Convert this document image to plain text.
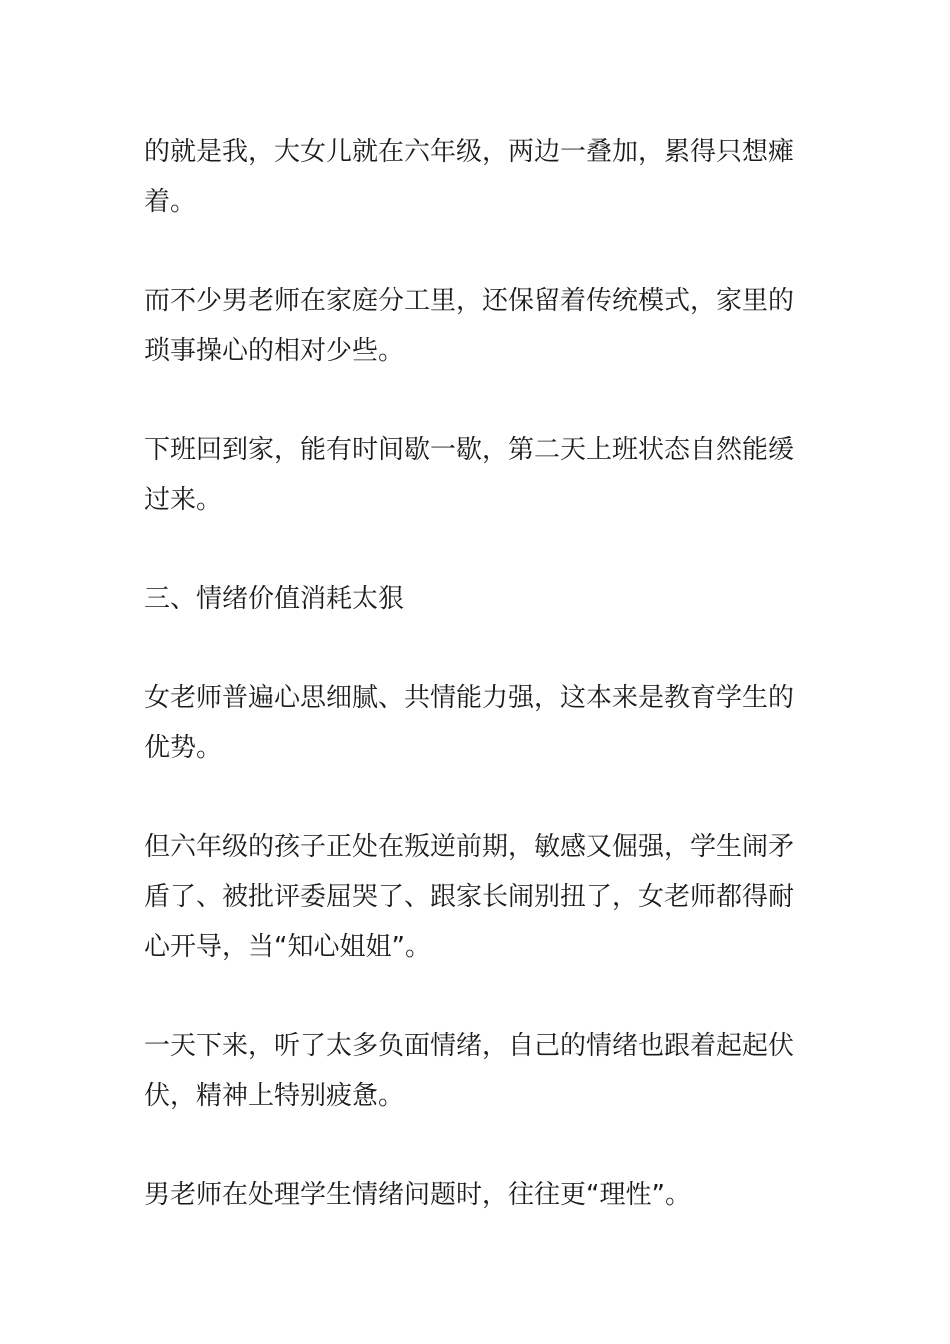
的就是我，大女儿就在六年级，两边一叠加，累得只想瘫着。

而不少男老师在家庭分工里，还保留着传统模式，家里的琐事操心的相对少些。

下班回到家，能有时间歇一歇，第二天上班状态自然能缓过来。

三、情绪价值消耗太狠

女老师普遍心思细腻、共情能力强，这本来是教育学生的优势。

但六年级的孩子正处在叛逆前期，敏感又倔强，学生闹矛盾了、被批评委屈哭了、跟家长闹别扭了，女老师都得耐心开导，当“知心姐姐”。

一天下来，听了太多负面情绪，自己的情绪也跟着起起伏伏，精神上特别疲惫。

男老师在处理学生情绪问题时，往往更“理性”。
